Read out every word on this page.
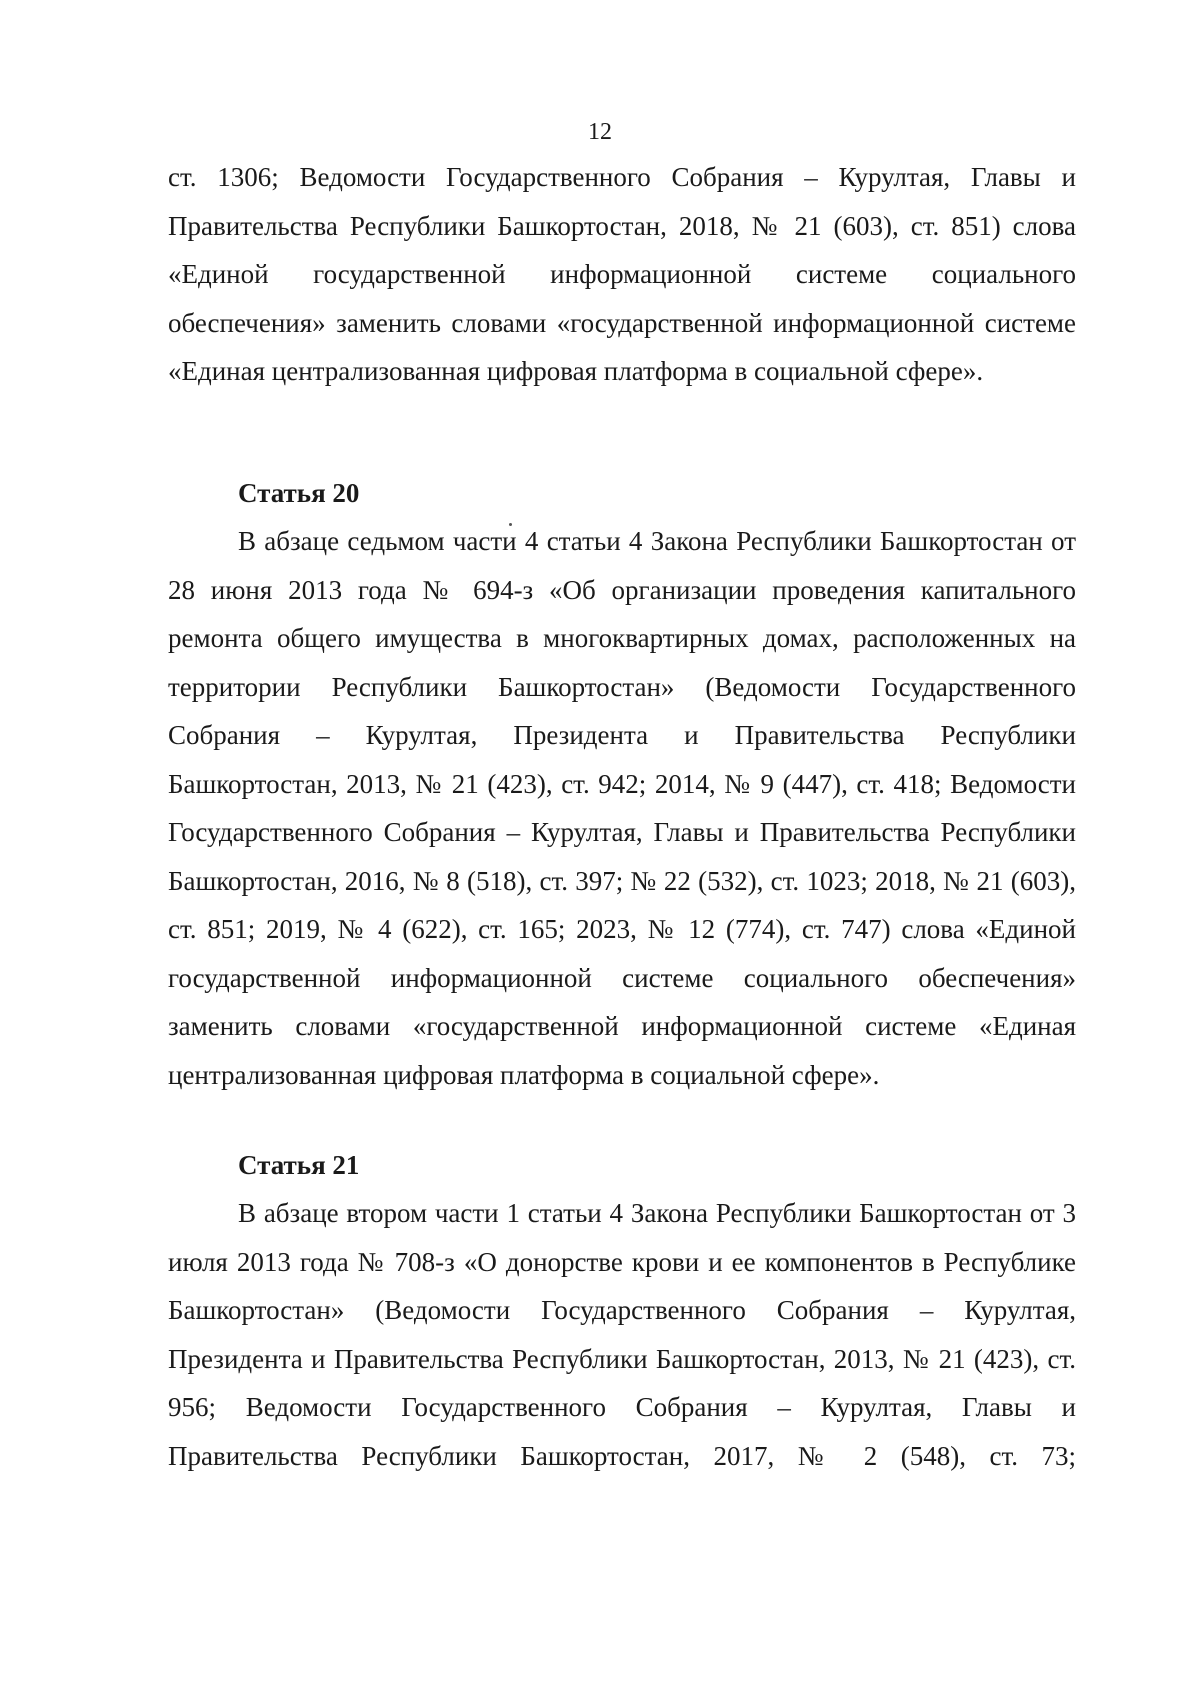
12

ст. 1306; Ведомости Государственного Собрания – Курултая, Главы и Правительства Республики Башкортостан, 2018, № 21 (603), ст. 851) слова «Единой государственной информационной системе социального обеспечения» заменить словами «государственной информационной системе «Единая централизованная цифровая платформа в социальной сфере».

Статья 20

В абзаце седьмом части 4 статьи 4 Закона Республики Башкортостан от 28 июня 2013 года № 694-з «Об организации проведения капитального ремонта общего имущества в многоквартирных домах, расположенных на территории Республики Башкортостан» (Ведомости Государственного Собрания – Курултая, Президента и Правительства Республики Башкортостан, 2013, № 21 (423), ст. 942; 2014, № 9 (447), ст. 418; Ведомости Государственного Собрания – Курултая, Главы и Правительства Республики Башкортостан, 2016, № 8 (518), ст. 397; № 22 (532), ст. 1023; 2018, № 21 (603), ст. 851; 2019, № 4 (622), ст. 165; 2023, № 12 (774), ст. 747) слова «Единой государственной информационной системе социального обеспечения» заменить словами «государственной информационной системе «Единая централизованная цифровая платформа в социальной сфере».

Статья 21

В абзаце втором части 1 статьи 4 Закона Республики Башкортостан от 3 июля 2013 года № 708-з «О донорстве крови и ее компонентов в Республике Башкортостан» (Ведомости Государственного Собрания – Курултая, Президента и Правительства Республики Башкортостан, 2013, № 21 (423), ст. 956; Ведомости Государственного Собрания – Курултая, Главы и Правительства Республики Башкортостан, 2017, № 2 (548), ст. 73;
